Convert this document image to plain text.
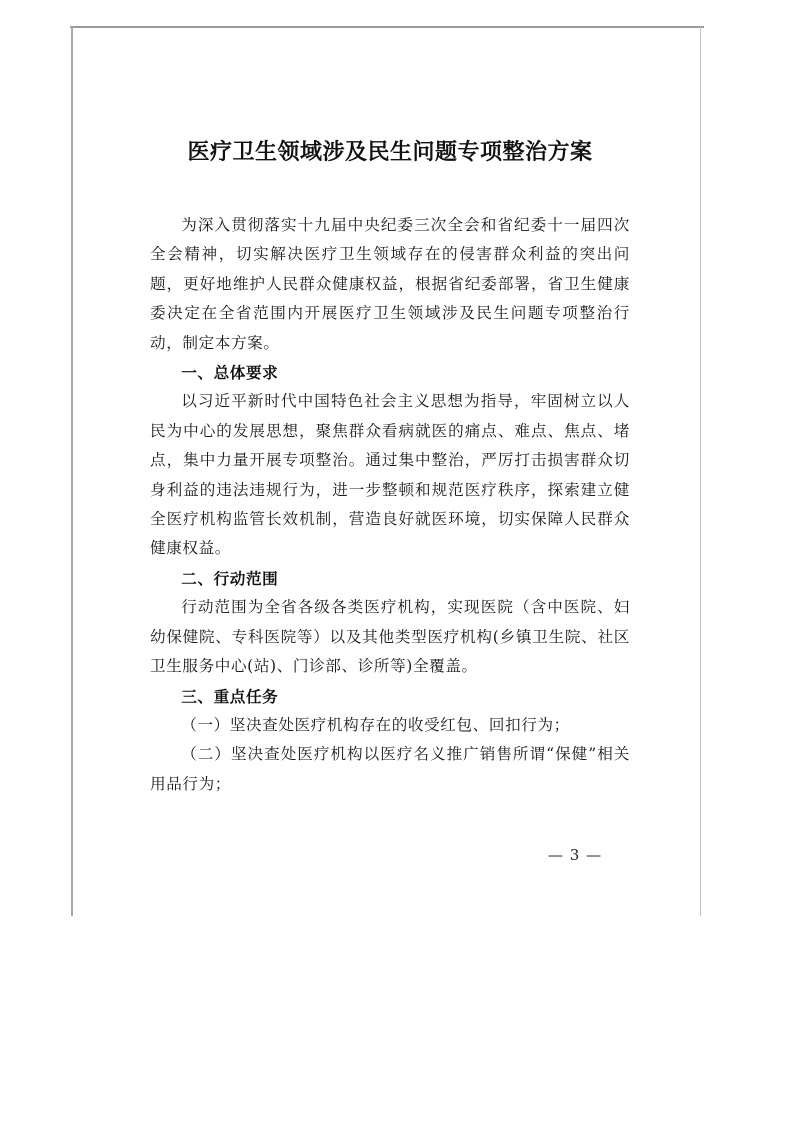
医疗卫生领域涉及民生问题专项整治方案

为深入贯彻落实十九届中央纪委三次全会和省纪委十一届四次全会精神，切实解决医疗卫生领域存在的侵害群众利益的突出问题，更好地维护人民群众健康权益，根据省纪委部署，省卫生健康委决定在全省范围内开展医疗卫生领域涉及民生问题专项整治行动，制定本方案。

一、总体要求

以习近平新时代中国特色社会主义思想为指导，牢固树立以人民为中心的发展思想，聚焦群众看病就医的痛点、难点、焦点、堵点，集中力量开展专项整治。通过集中整治，严厉打击损害群众切身利益的违法违规行为，进一步整顿和规范医疗秩序，探索建立健全医疗机构监管长效机制，营造良好就医环境，切实保障人民群众健康权益。

二、行动范围

行动范围为全省各级各类医疗机构，实现医院（含中医院、妇幼保健院、专科医院等）以及其他类型医疗机构(乡镇卫生院、社区卫生服务中心(站)、门诊部、诊所等)全覆盖。

三、重点任务

（一）坚决查处医疗机构存在的收受红包、回扣行为；

（二）坚决查处医疗机构以医疗名义推广销售所谓“保健”相关用品行为；

— 3 —
